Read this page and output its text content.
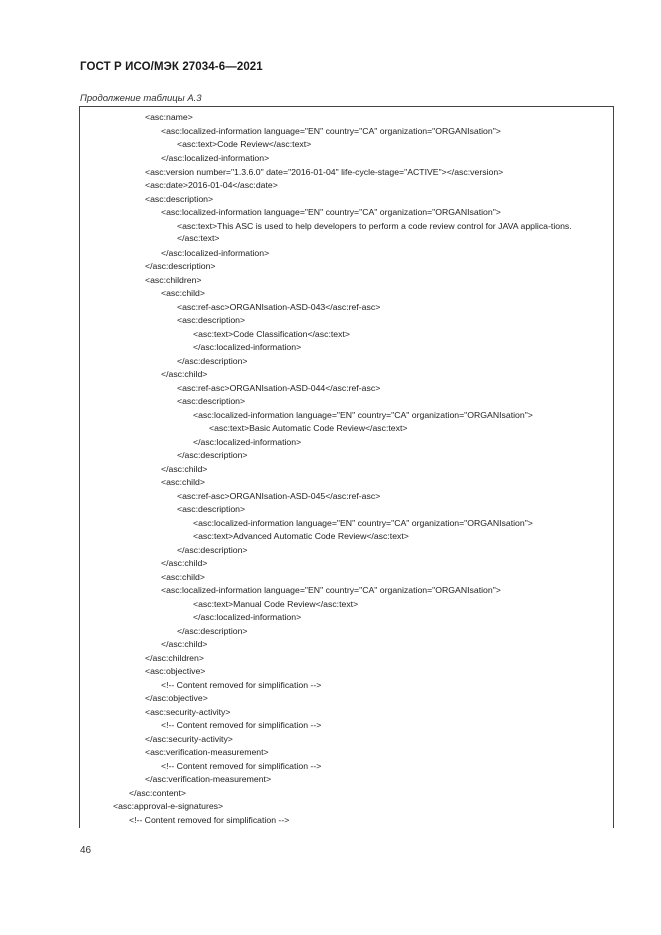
ГОСТ Р ИСО/МЭК 27034-6—2021
Продолжение таблицы А.3
<asc:name>
<asc:localized-information language="EN" country="CA" organization="ORGANIsation">
<asc:text>Code Review</asc:text>
</asc:localized-information>
<asc:version number="1.3.6.0" date="2016-01-04" life-cycle-stage="ACTIVE"></asc:version>
<asc:date>2016-01-04</asc:date>
<asc:description>
<asc:localized-information language="EN" country="CA" organization="ORGANIsation">
<asc:text>This ASC is used to help developers to perform a code review control for JAVA applica-tions. </asc:text>
</asc:localized-information>
</asc:description>
<asc:children>
<asc:child>
<asc:ref-asc>ORGANIsation-ASD-043</asc:ref-asc>
<asc:description>
<asc:text>Code Classification</asc:text>
</asc:localized-information>
</asc:description>
</asc:child>
<asc:ref-asc>ORGANIsation-ASD-044</asc:ref-asc>
<asc:description>
<asc:localized-information language="EN" country="CA" organization="ORGANIsation">
<asc:text>Basic Automatic Code Review</asc:text>
</asc:localized-information>
</asc:description>
</asc:child>
<asc:child>
<asc:ref-asc>ORGANIsation-ASD-045</asc:ref-asc>
<asc:description>
<asc:localized-information language="EN" country="CA" organization="ORGANIsation">
<asc:text>Advanced Automatic Code Review</asc:text>
</asc:description>
</asc:child>
<asc:child>
<asc:localized-information language="EN" country="CA" organization="ORGANIsation">
<asc:text>Manual Code Review</asc:text>
</asc:localized-information>
</asc:description>
</asc:child>
</asc:children>
<asc:objective>
<!-- Content removed for simplification -->
</asc:objective>
<asc:security-activity>
<!-- Content removed for simplification -->
</asc:security-activity>
<asc:verification-measurement>
<!-- Content removed for simplification -->
</asc:verification-measurement>
</asc:content>
<asc:approval-e-signatures>
<!-- Content removed for simplification -->
46
